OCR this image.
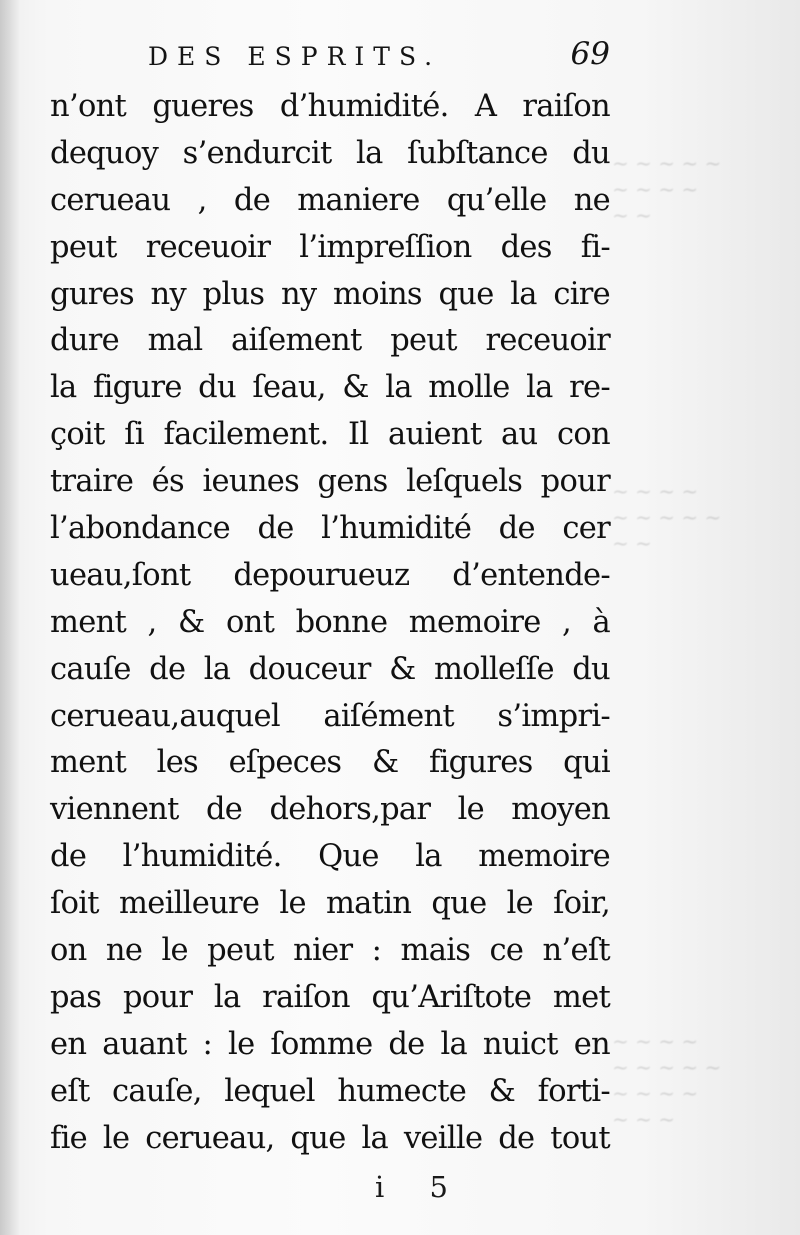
~ ~ ~ ~ ~
~ ~ ~ ~
~ ~
~ ~ ~ ~
~ ~ ~ ~ ~
~ ~
~ ~ ~ ~
~ ~ ~ ~ ~
~ ~ ~ ~
~ ~ ~
DES ESPRITS.	69
n’ont gueres d’humidité. A raiſon
dequoy s’endurcit la ſubſtance du
cerueau , de maniere qu’elle ne
peut receuoir l’impreſſion des fi-
gures ny plus ny moins que la cire
dure mal aiſement peut receuoir
la figure du ſeau, & la molle la re-
çoit ſi facilement. Il auient au con
traire és ieunes gens leſquels pour
l’abondance de l’humidité de cer
ueau,ſont depourueuz d’entende-
ment , & ont bonne memoire , à
cauſe de la douceur & molleſſe du
cerueau,auquel aiſément s’impri-
ment les eſpeces & figures qui
viennent de dehors,par le moyen
de l’humidité. Que la memoire
ſoit meilleure le matin que le ſoir,
on ne le peut nier : mais ce n’eſt
pas pour la raiſon qu’Ariſtote met
en auant : le ſomme de la nuict en
eſt cauſe, lequel humecte & forti-
fie le cerueau, que la veille de tout
i 5
